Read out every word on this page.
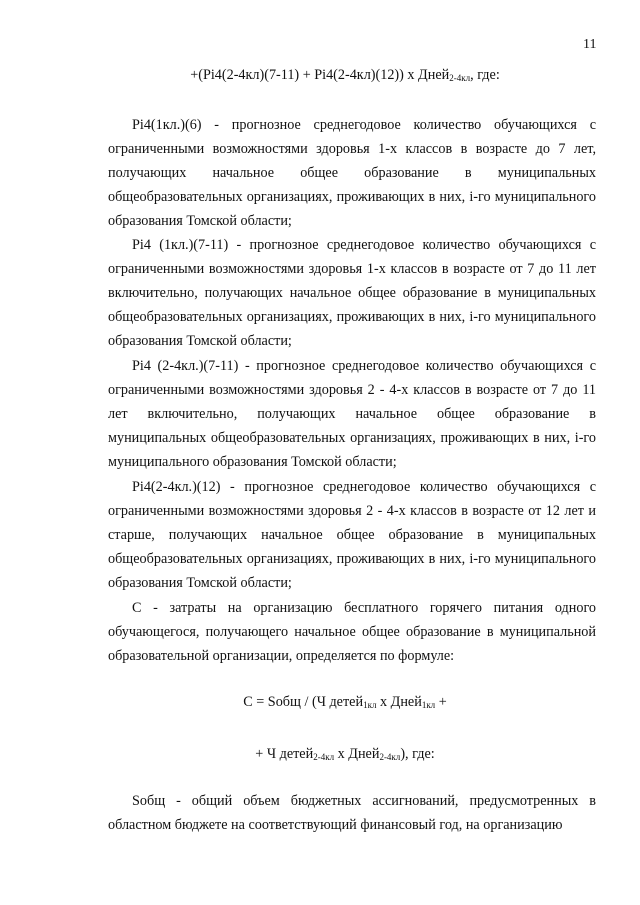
11
+(Pi4(2-4кл)(7-11) + Pi4(2-4кл)(12)) х Дней$_{2-4кл}$, где:

Pi4(1кл.)(6) - прогнозное среднегодовое количество обучающихся с ограниченными возможностями здоровья 1-х классов в возрасте до 7 лет, получающих начальное общее образование в муниципальных общеобразовательных организациях, проживающих в них, i-го муниципального образования Томской области;

Pi4 (1кл.)(7-11) - прогнозное среднегодовое количество обучающихся с ограниченными возможностями здоровья 1-х классов в возрасте от 7 до 11 лет включительно, получающих начальное общее образование в муниципальных общеобразовательных организациях, проживающих в них, i-го муниципального образования Томской области;

Pi4 (2-4кл.)(7-11) - прогнозное среднегодовое количество обучающихся с ограниченными возможностями здоровья 2 - 4-х классов в возрасте от 7 до 11 лет включительно, получающих начальное общее образование в муниципальных общеобразовательных организациях, проживающих в них, i-го муниципального образования Томской области;

Pi4(2-4кл.)(12) - прогнозное среднегодовое количество обучающихся с ограниченными возможностями здоровья 2 - 4-х классов в возрасте от 12 лет и старше, получающих начальное общее образование в муниципальных общеобразовательных организациях, проживающих в них, i-го муниципального образования Томской области;

С - затраты на организацию бесплатного горячего питания одного обучающегося, получающего начальное общее образование в муниципальной образовательной организации, определяется по формуле:

С = Sобщ / (Ч детей$_{1кл}$ х Дней$_{1кл}$ +
+ Ч детей$_{2-4кл}$ х Дней$_{2-4кл}$), где:

Sобщ - общий объем бюджетных ассигнований, предусмотренных в областном бюджете на соответствующий финансовый год, на организацию
